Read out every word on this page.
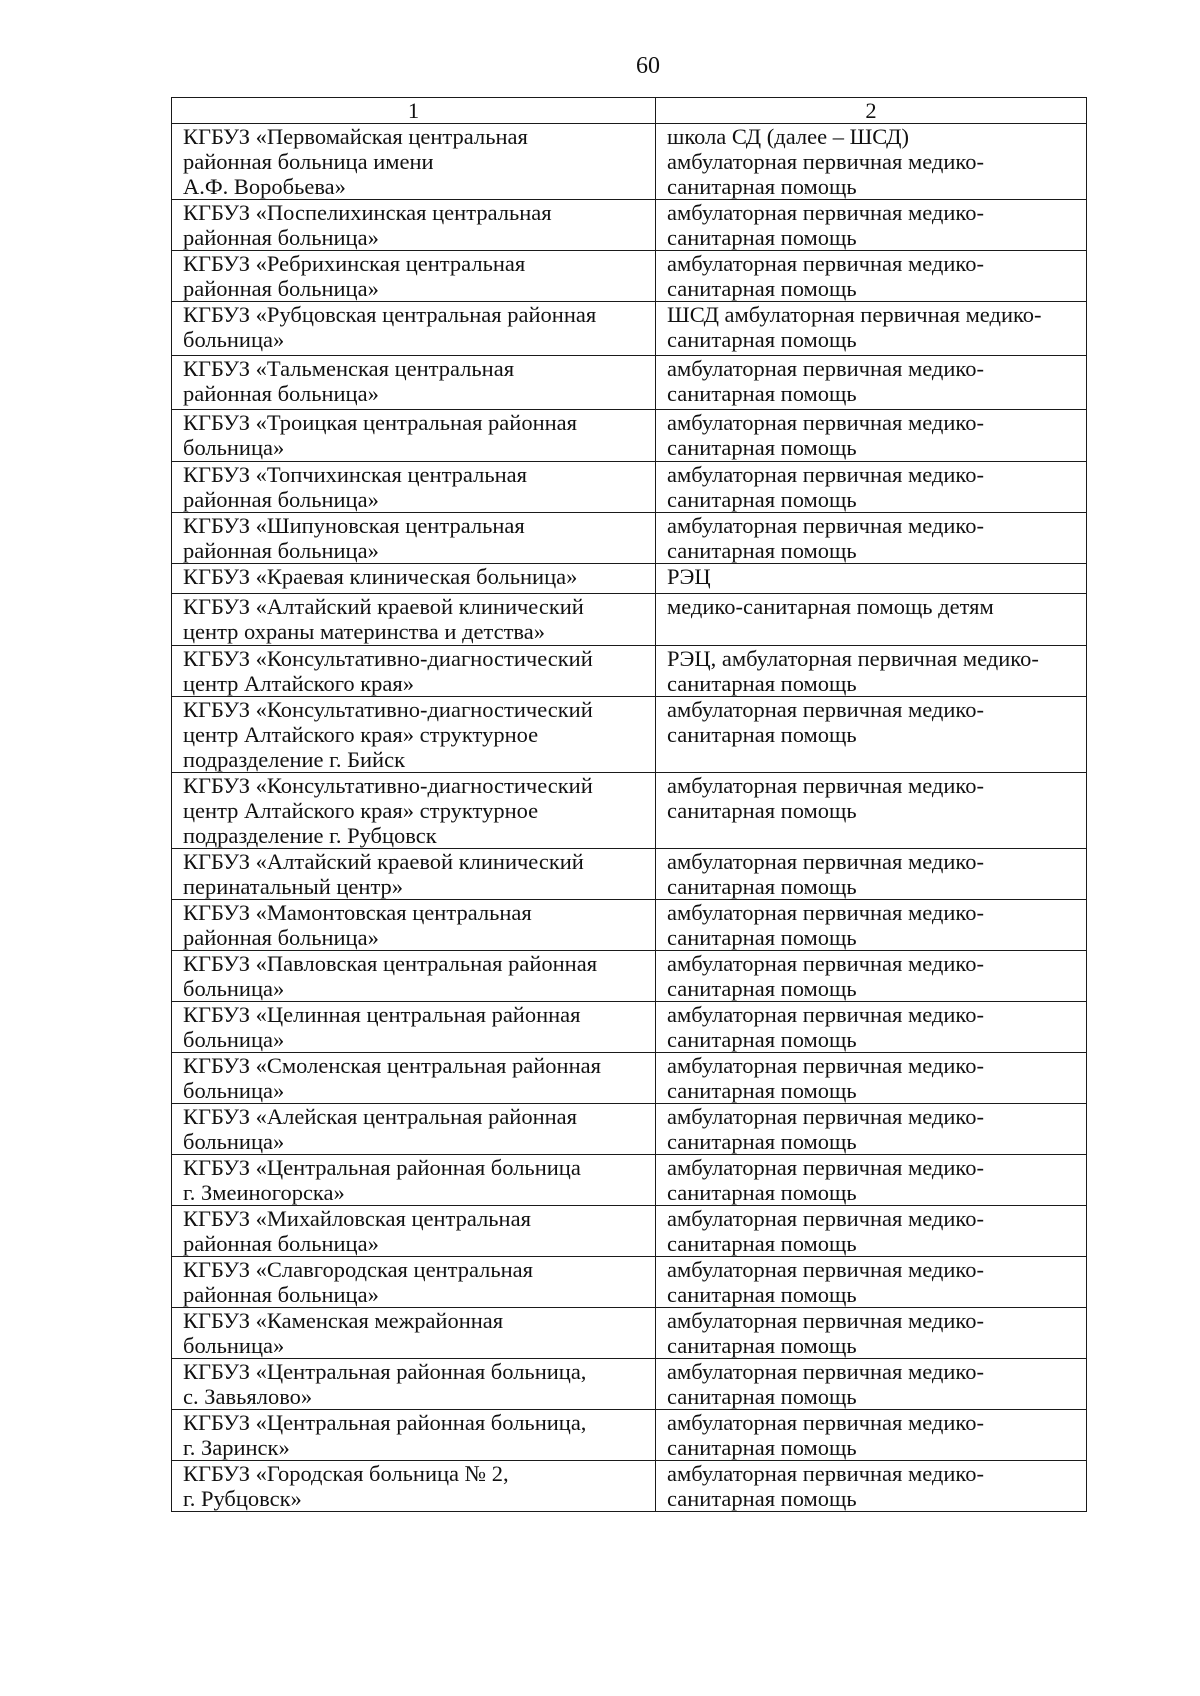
60
1	2
КГБУЗ «Первомайская центральная
районная больница имени
А.Ф. Воробьева»	школа СД (далее – ШСД)
амбулаторная первичная медико-
санитарная помощь
КГБУЗ «Поспелихинская центральная
районная больница»	амбулаторная первичная медико-
санитарная помощь
КГБУЗ «Ребрихинская центральная
районная больница»	амбулаторная первичная медико-
санитарная помощь
КГБУЗ «Рубцовская центральная районная
больница»	ШСД амбулаторная первичная медико-
санитарная помощь
КГБУЗ «Тальменская центральная
районная больница»	амбулаторная первичная медико-
санитарная помощь
КГБУЗ «Троицкая центральная районная
больница»	амбулаторная первичная медико-
санитарная помощь
КГБУЗ «Топчихинская центральная
районная больница»	амбулаторная первичная медико-
санитарная помощь
КГБУЗ «Шипуновская центральная
районная больница»	амбулаторная первичная медико-
санитарная помощь
КГБУЗ «Краевая клиническая больница»	РЭЦ
КГБУЗ «Алтайский краевой клинический
центр охраны материнства и детства»	медико-санитарная помощь детям
КГБУЗ «Консультативно-диагностический
центр Алтайского края»	РЭЦ, амбулаторная первичная медико-
санитарная помощь
КГБУЗ «Консультативно-диагностический
центр Алтайского края» структурное
подразделение г. Бийск	амбулаторная первичная медико-
санитарная помощь
КГБУЗ «Консультативно-диагностический
центр Алтайского края» структурное
подразделение г. Рубцовск	амбулаторная первичная медико-
санитарная помощь
КГБУЗ «Алтайский краевой клинический
перинатальный центр»	амбулаторная первичная медико-
санитарная помощь
КГБУЗ «Мамонтовская центральная
районная больница»	амбулаторная первичная медико-
санитарная помощь
КГБУЗ «Павловская центральная районная
больница»	амбулаторная первичная медико-
санитарная помощь
КГБУЗ «Целинная центральная районная
больница»	амбулаторная первичная медико-
санитарная помощь
КГБУЗ «Смоленская центральная районная
больница»	амбулаторная первичная медико-
санитарная помощь
КГБУЗ «Алейская центральная районная
больница»	амбулаторная первичная медико-
санитарная помощь
КГБУЗ «Центральная районная больница
г. Змеиногорска»	амбулаторная первичная медико-
санитарная помощь
КГБУЗ «Михайловская центральная
районная больница»	амбулаторная первичная медико-
санитарная помощь
КГБУЗ «Славгородская центральная
районная больница»	амбулаторная первичная медико-
санитарная помощь
КГБУЗ «Каменская межрайонная
больница»	амбулаторная первичная медико-
санитарная помощь
КГБУЗ «Центральная районная больница,
с. Завьялово»	амбулаторная первичная медико-
санитарная помощь
КГБУЗ «Центральная районная больница,
г. Заринск»	амбулаторная первичная медико-
санитарная помощь
КГБУЗ «Городская больница № 2,
г. Рубцовск»	амбулаторная первичная медико-
санитарная помощь
